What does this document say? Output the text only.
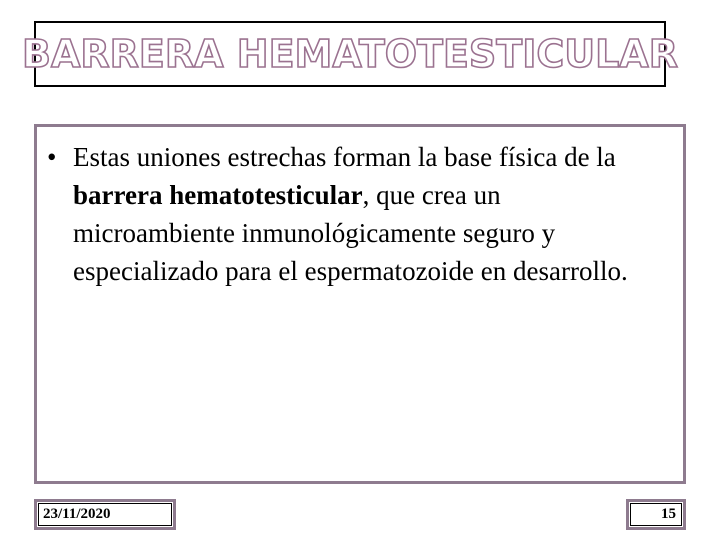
BARRERA HEMATOTESTICULAR
• Estas uniones estrechas forman la base física de la barrera hematotesticular, que crea un microambiente inmunológicamente seguro y especializado para el espermatozoide en desarrollo.
23/11/2020	15
